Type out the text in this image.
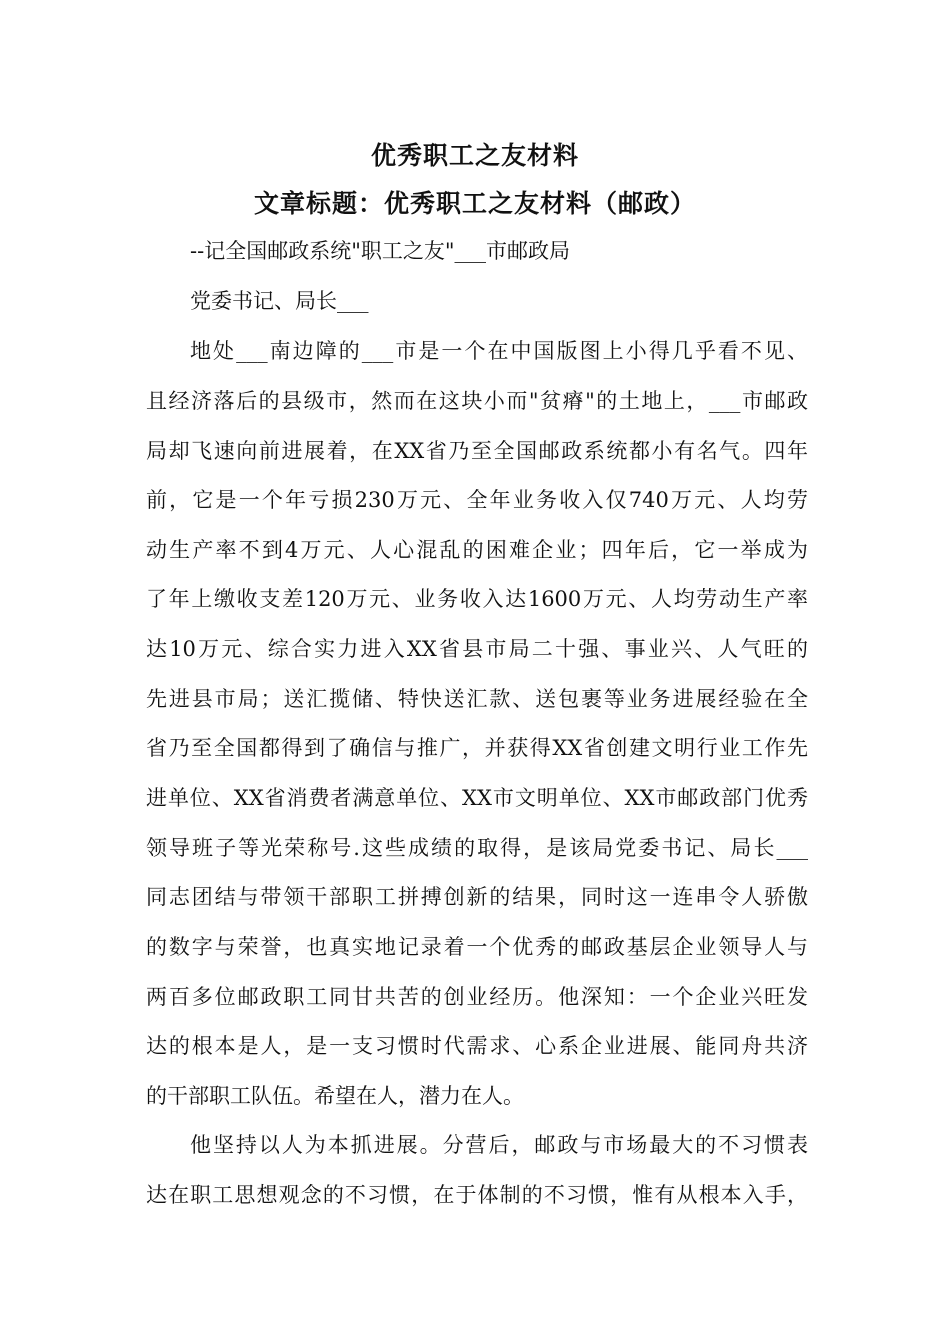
优秀职工之友材料
文章标题：优秀职工之友材料（邮政）
--记全国邮政系统"职工之友"___市邮政局
党委书记、局长___
地处___南边障的___市是一个在中国版图上小得几乎看不见、
且经济落后的县级市，然而在这块小而"贫瘠"的土地上，___市邮政
局却飞速向前进展着，在XX省乃至全国邮政系统都小有名气。四年
前，它是一个年亏损230万元、全年业务收入仅740万元、人均劳
动生产率不到4万元、人心混乱的困难企业；四年后，它一举成为
了年上缴收支差120万元、业务收入达1600万元、人均劳动生产率
达10万元、综合实力进入XX省县市局二十强、事业兴、人气旺的
先进县市局；送汇揽储、特快送汇款、送包裹等业务进展经验在全
省乃至全国都得到了确信与推广，并获得XX省创建文明行业工作先
进单位、XX省消费者满意单位、XX市文明单位、XX市邮政部门优秀
领导班子等光荣称号.这些成绩的取得，是该局党委书记、局长___
同志团结与带领干部职工拼搏创新的结果，同时这一连串令人骄傲
的数字与荣誉，也真实地记录着一个优秀的邮政基层企业领导人与
两百多位邮政职工同甘共苦的创业经历。他深知：一个企业兴旺发
达的根本是人，是一支习惯时代需求、心系企业进展、能同舟共济
的干部职工队伍。希望在人，潜力在人。
他坚持以人为本抓进展。分营后，邮政与市场最大的不习惯表
达在职工思想观念的不习惯，在于体制的不习惯，惟有从根本入手，
